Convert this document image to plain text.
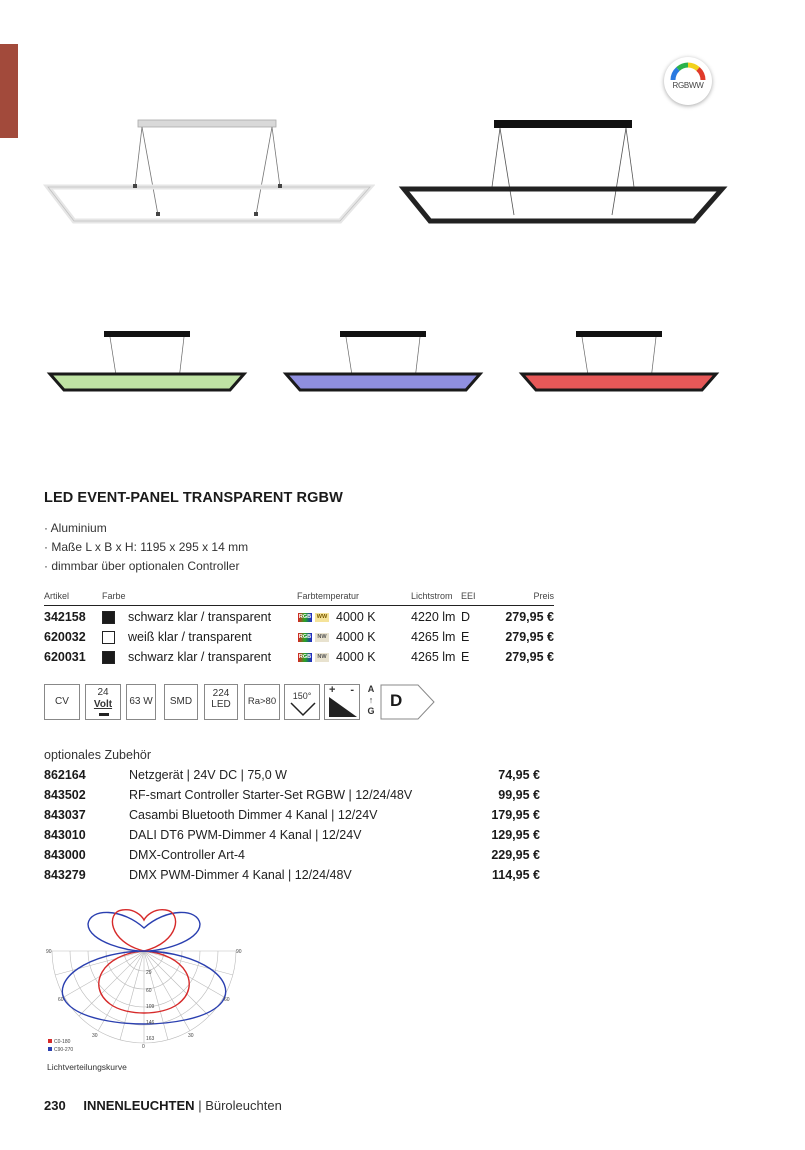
RGBWW
LED EVENT-PANEL TRANSPARENT RGBW
· Aluminium
· Maße L x B x H: 1195 x 295 x 14 mm
· dimmbar über optionalen Controller
Artikel	Farbe	Farbtemperatur	Lichtstrom EEI	Preis
342158	schwarz klar / transparent	RGB	WW 4000 K	4220 lm D	279,95 €
620032	weiß klar / transparent	RGB	NW 4000 K	4265 lm E	279,95 €
620031	schwarz klar / transparent	RGB	NW 4000 K	4265 lm E	279,95 €
CV
24
Volt	63 W	SMD
224
LED	Ra>80	150°	+ -	A
↑
G
D
optionales Zubehör
862164	Netzgerät | 24V DC | 75,0 W	74,95 €
843502	RF-smart Controller Starter-Set RGBW | 12/24/48V	99,95 €
843037	Casambi Bluetooth Dimmer 4 Kanal | 12/24V	179,95 €
843010	DALI DT6 PWM-Dimmer 4 Kanal | 12/24V	129,95 €
843000	DMX-Controller Art-4	229,95 €
843279	DMX PWM-Dimmer 4 Kanal | 12/24/48V	114,95 €
90	90
60	60
30	30
0
29
60
109
146
163
C0-180
C90-270
Lichtverteilungskurve
230 INNENLEUCHTEN | Büroleuchten
